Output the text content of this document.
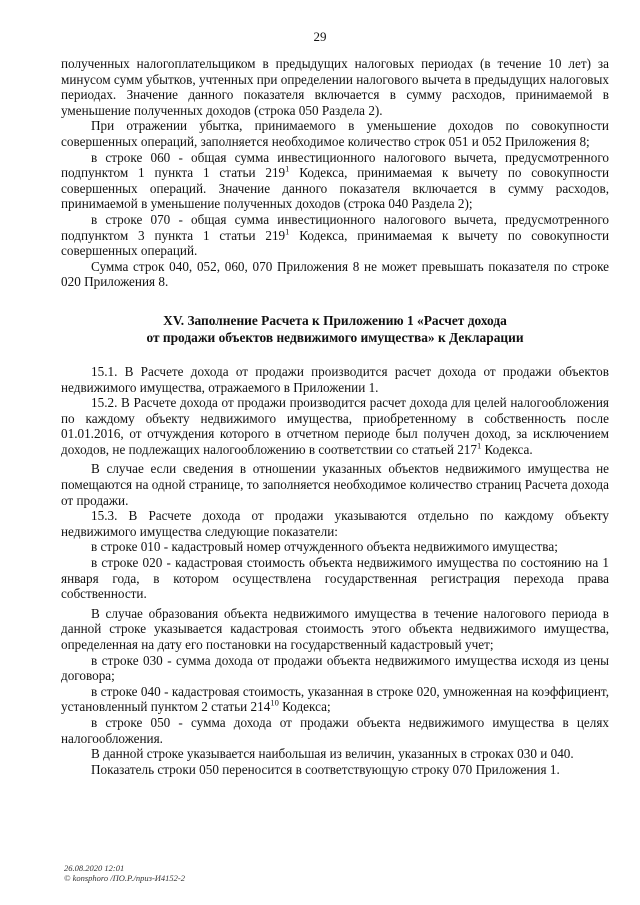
29

полученных налогоплательщиком в предыдущих налоговых периодах (в течение 10 лет) за минусом сумм убытков, учтенных при определении налогового вычета в предыдущих налоговых периодах. Значение данного показателя включается в сумму расходов, принимаемой в уменьшение полученных доходов (строка 050 Раздела 2).

При отражении убытка, принимаемого в уменьшение доходов по совокупности совершенных операций, заполняется необходимое количество строк 051 и 052 Приложения 8;

в строке 060 - общая сумма инвестиционного налогового вычета, предусмотренного подпунктом 1 пункта 1 статьи $219^1$ Кодекса, принимаемая к вычету по совокупности совершенных операций. Значение данного показателя включается в сумму расходов, принимаемой в уменьшение полученных доходов (строка 040 Раздела 2);

в строке 070 - общая сумма инвестиционного налогового вычета, предусмотренного подпунктом 3 пункта 1 статьи $219^1$ Кодекса, принимаемая к вычету по совокупности совершенных операций.

Сумма строк 040, 052, 060, 070 Приложения 8 не может превышать показателя по строке 020 Приложения 8.

XV. Заполнение Расчета к Приложению 1 «Расчет дохода
от продажи объектов недвижимого имущества» к Декларации

15.1. В Расчете дохода от продажи производится расчет дохода от продажи объектов недвижимого имущества, отражаемого в Приложении 1.

15.2. В Расчете дохода от продажи производится расчет дохода для целей налогообложения по каждому объекту недвижимого имущества, приобретенному в собственность после 01.01.2016, от отчуждения которого в отчетном периоде был получен доход, за исключением доходов, не подлежащих налогообложению в соответствии со статьей $217^1$ Кодекса.

В случае если сведения в отношении указанных объектов недвижимого имущества не помещаются на одной странице, то заполняется необходимое количество страниц Расчета дохода от продажи.

15.3. В Расчете дохода от продажи указываются отдельно по каждому объекту недвижимого имущества следующие показатели:

в строке 010 - кадастровый номер отчужденного объекта недвижимого имущества;

в строке 020 - кадастровая стоимость объекта недвижимого имущества по состоянию на 1 января года, в котором осуществлена государственная регистрация перехода права собственности.

В случае образования объекта недвижимого имущества в течение налогового периода в данной строке указывается кадастровая стоимость этого объекта недвижимого имущества, определенная на дату его постановки на государственный кадастровый учет;

в строке 030 - сумма дохода от продажи объекта недвижимого имущества исходя из цены договора;

в строке 040 - кадастровая стоимость, указанная в строке 020, умноженная на коэффициент, установленный пунктом 2 статьи $214^{10}$ Кодекса;

в строке 050 - сумма дохода от продажи объекта недвижимого имущества в целях налогообложения.

В данной строке указывается наибольшая из величин, указанных в строках 030 и 040.

Показатель строки 050 переносится в соответствующую строку 070 Приложения 1.

26.08.2020 12:01
© konsphoro /ПО.Р./приз-И4152-2
